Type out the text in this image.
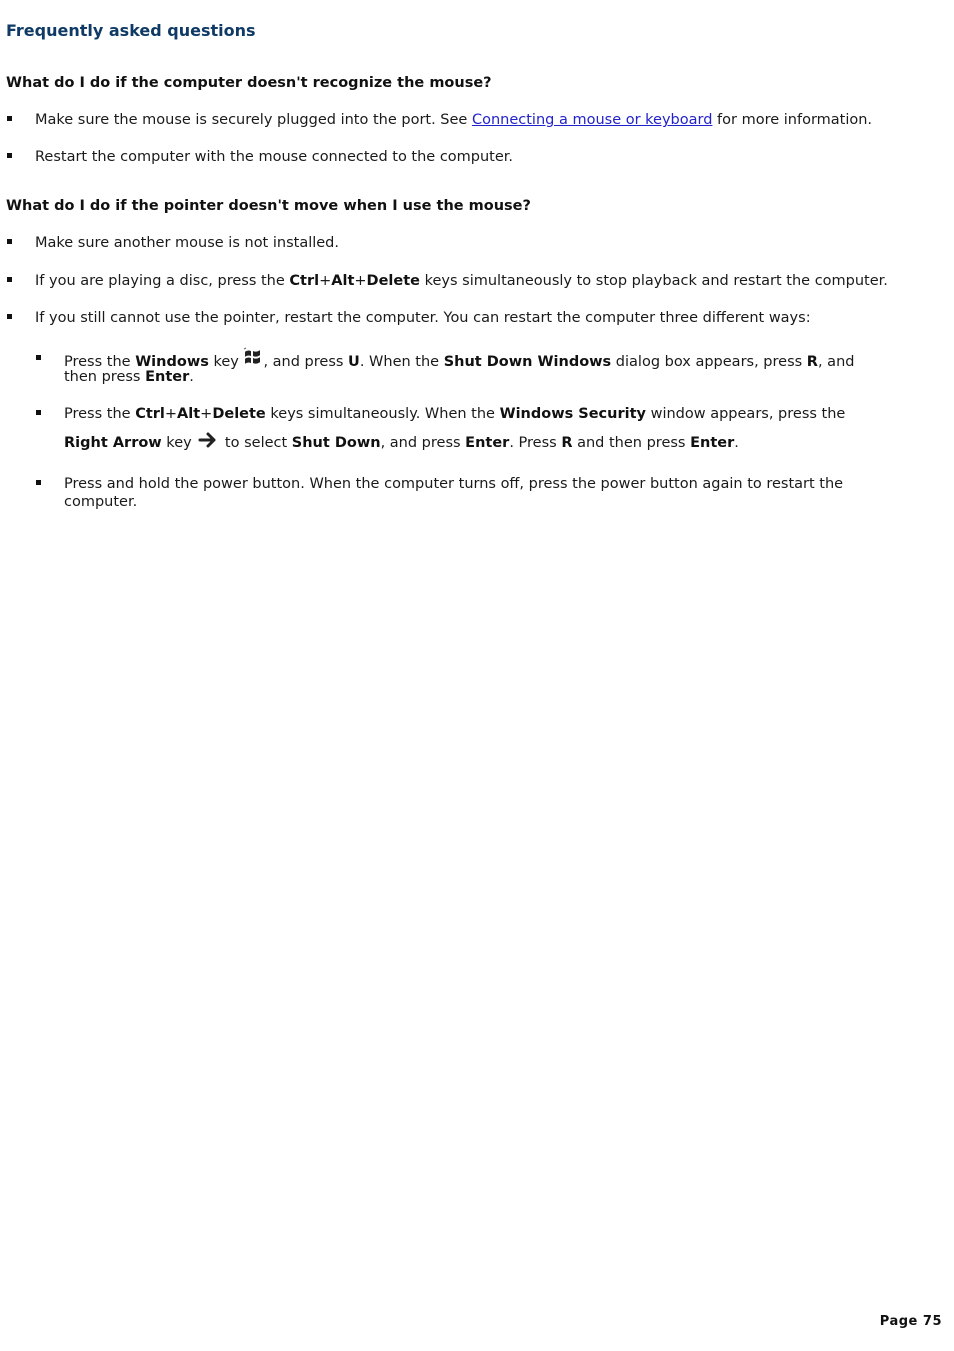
Frequently asked questions
What do I do if the computer doesn't recognize the mouse?
Make sure the mouse is securely plugged into the port. See Connecting a mouse or keyboard for more information.
Restart the computer with the mouse connected to the computer.
What do I do if the pointer doesn't move when I use the mouse?
Make sure another mouse is not installed.
If you are playing a disc, press the Ctrl+Alt+Delete keys simultaneously to stop playback and restart the computer.
If you still cannot use the pointer, restart the computer. You can restart the computer three different ways:
Press the Windows key , and press U. When the Shut Down Windows dialog box appears, press R, and
then press Enter.
Press the Ctrl+Alt+Delete keys simultaneously. When the Windows Security window appears, press the
Right Arrow key  to select Shut Down, and press Enter. Press R and then press Enter.
Press and hold the power button. When the computer turns off, press the power button again to restart the
computer.
Page 75
